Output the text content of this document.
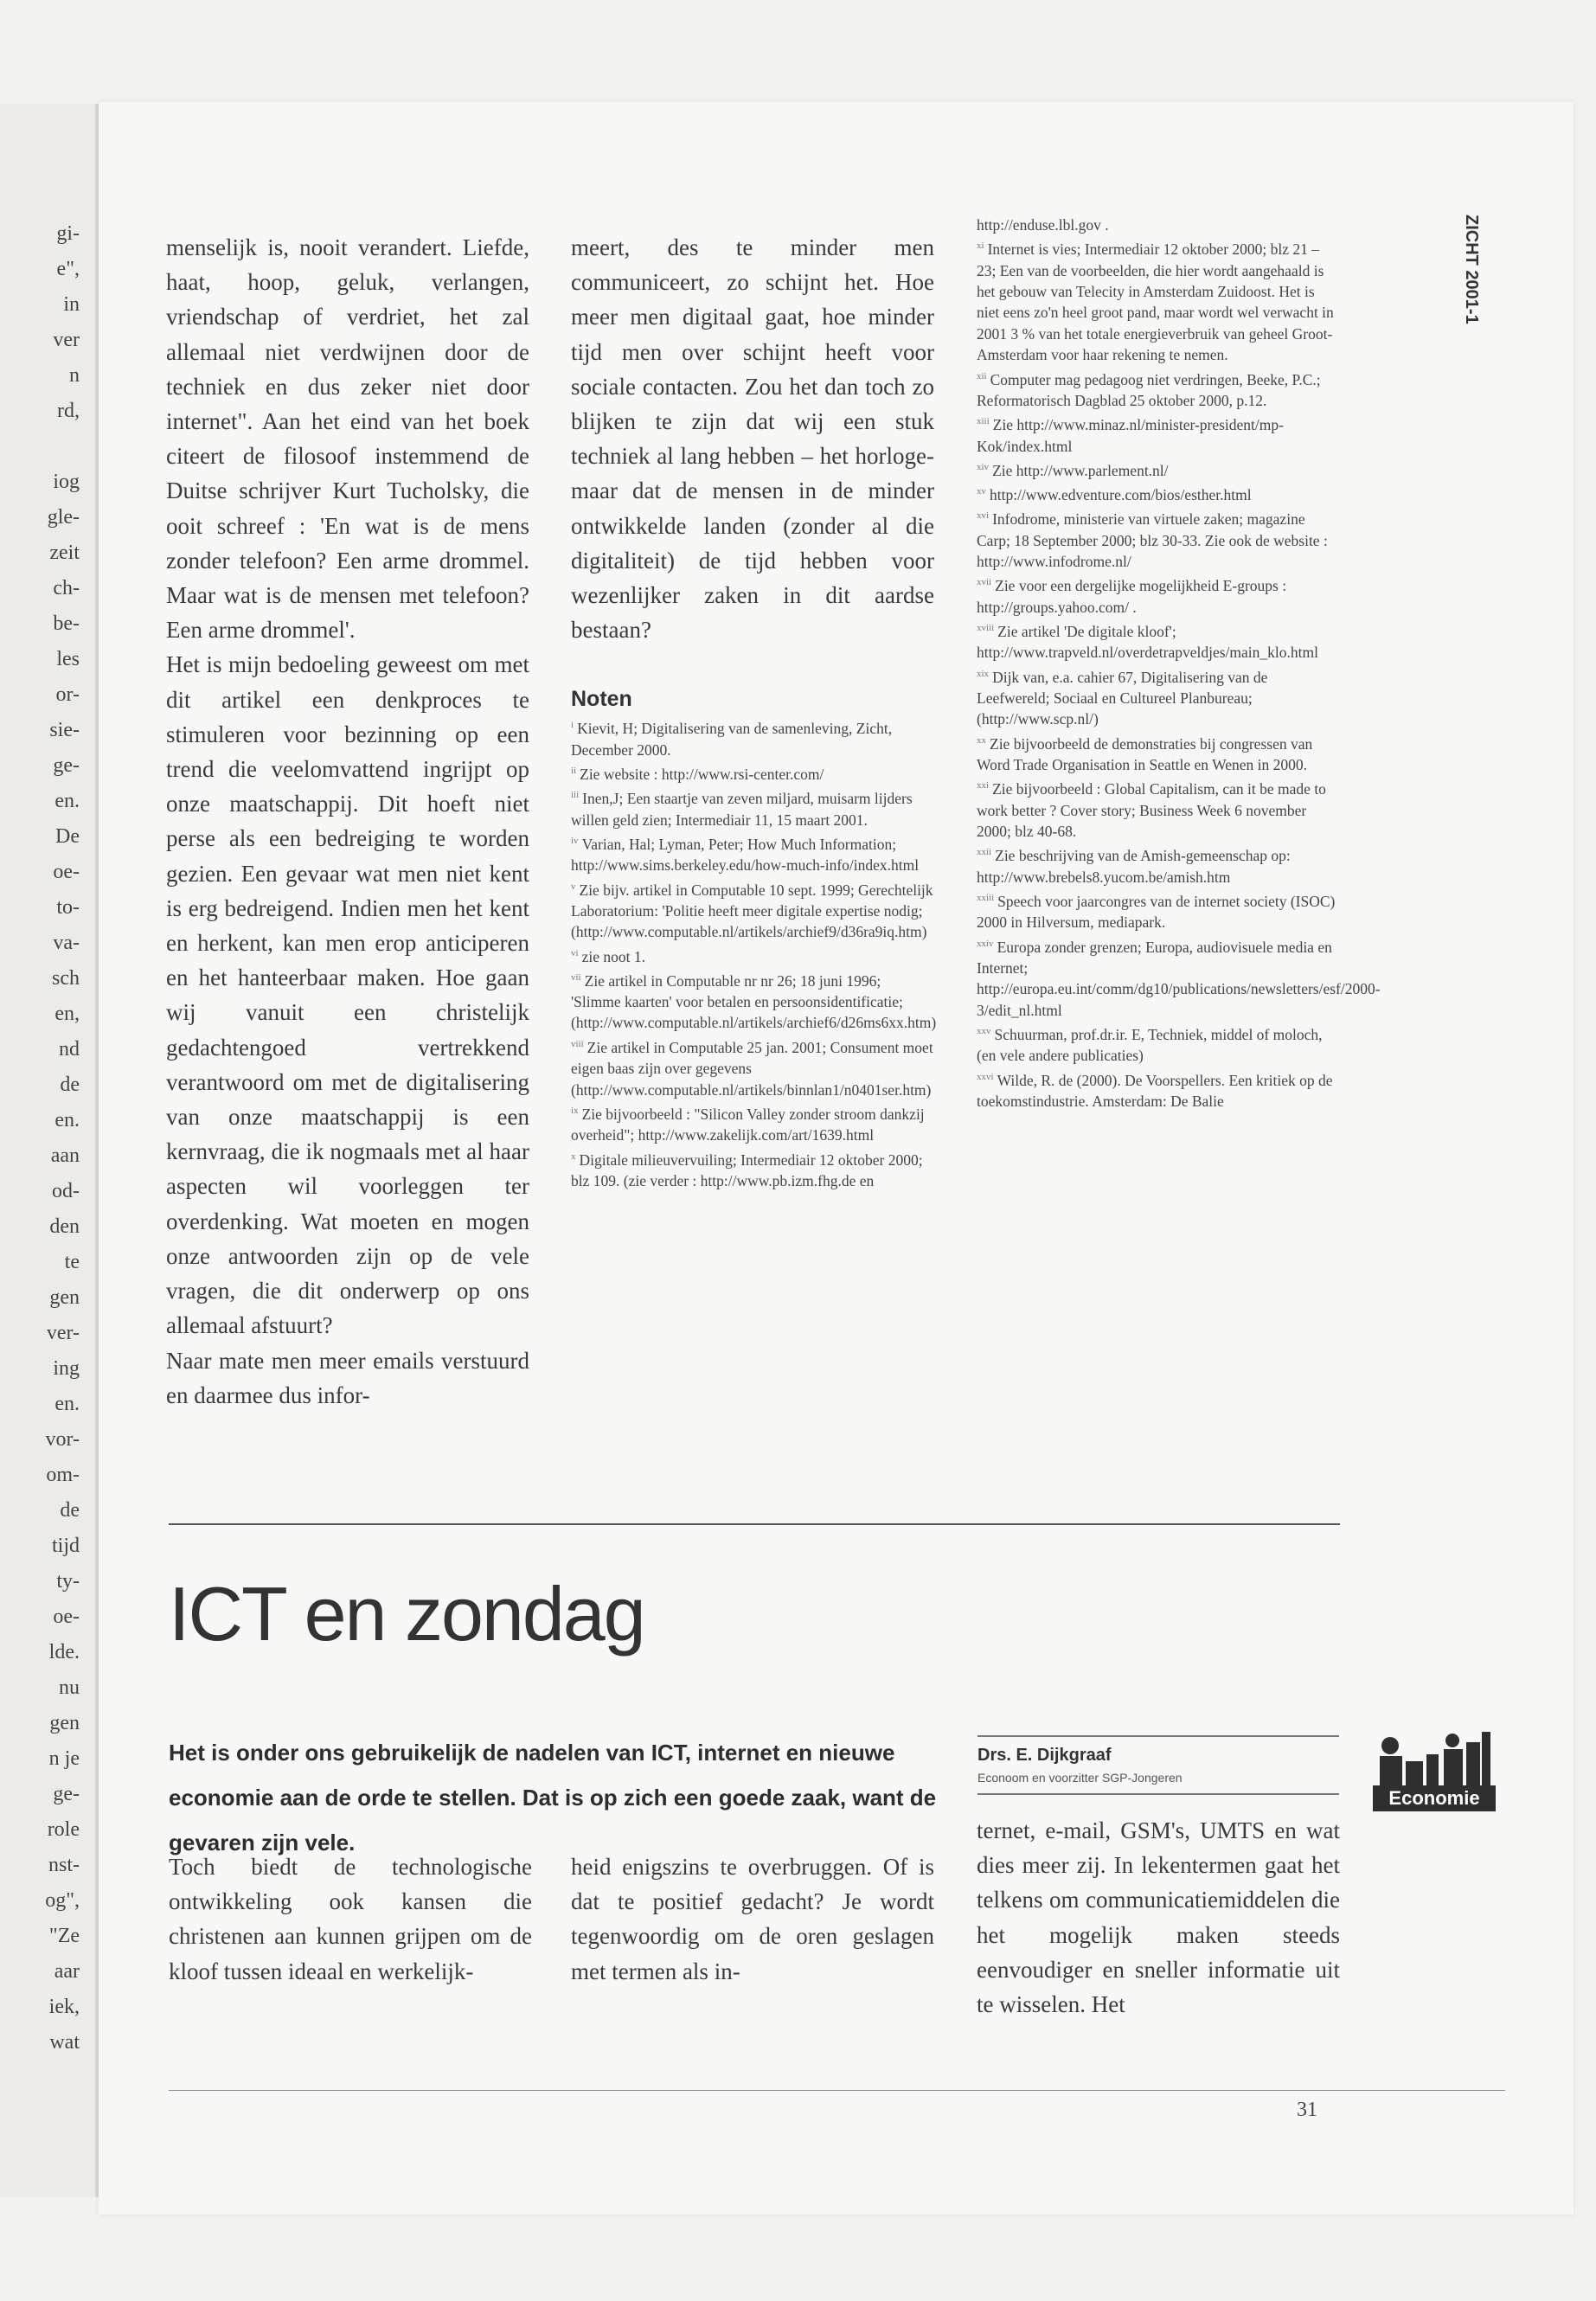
gi-
e",
in
ver
n
rd,
iog
gle-
zeit
ch-
be-
les
or-
sie-
ge-
en.
De
oe-
to-
va-
sch
en,
nd
de
en.
aan
od-
den
te
gen
ver-
ing
en.
vor-
om-
de
tijd
ty-
oe-
lde.
nu
gen
n je
ge-
role
nst-
og",
"Ze
aar
iek,
wat
ZICHT 2001-1

menselijk is, nooit verandert. Liefde, haat, hoop, geluk, verlangen, vriendschap of verdriet, het zal allemaal niet verdwijnen door de techniek en dus zeker niet door internet". Aan het eind van het boek citeert de filosoof instemmend de Duitse schrijver Kurt Tucholsky, die ooit schreef : 'En wat is de mens zonder telefoon? Een arme drommel. Maar wat is de mensen met telefoon? Een arme drommel'.

Het is mijn bedoeling geweest om met dit artikel een denkproces te stimuleren voor bezinning op een trend die veelomvattend ingrijpt op onze maatschappij. Dit hoeft niet perse als een bedreiging te worden gezien. Een gevaar wat men niet kent is erg bedreigend. Indien men het kent en herkent, kan men erop anticiperen en het hanteerbaar maken. Hoe gaan wij vanuit een christelijk gedachtengoed vertrekkend verantwoord om met de digitalisering van onze maatschappij is een kernvraag, die ik nogmaals met al haar aspecten wil voorleggen ter overdenking. Wat moeten en mogen onze antwoorden zijn op de vele vragen, die dit onderwerp op ons allemaal afstuurt?

Naar mate men meer emails verstuurd en daarmee dus infor-

meert, des te minder men communiceert, zo schijnt het. Hoe meer men digitaal gaat, hoe minder tijd men over schijnt heeft voor sociale contacten. Zou het dan toch zo blijken te zijn dat wij een stuk techniek al lang hebben – het horloge- maar dat de mensen in de minder ontwikkelde landen (zonder al die digitaliteit) de tijd hebben voor wezenlijker zaken in dit aardse bestaan?

Noten

$^i$ Kievit, H; Digitalisering van de samenleving, Zicht, December 2000.

$^{ii}$ Zie website : http://www.rsi-center.com/

$^{iii}$ Inen,J; Een staartje van zeven miljard, muisarm lijders willen geld zien; Intermediair 11, 15 maart 2001.

$^{iv}$ Varian, Hal; Lyman, Peter; How Much Information; http://www.sims.berkeley.edu/how-much-info/index.html

$^v$ Zie bijv. artikel in Computable 10 sept. 1999; Gerechtelijk Laboratorium: 'Politie heeft meer digitale expertise nodig; (http://www.computable.nl/artikels/archief9/d36ra9iq.htm)

$^{vi}$ zie noot 1.

$^{vii}$ Zie artikel in Computable nr nr 26; 18 juni 1996; 'Slimme kaarten' voor betalen en persoonsidentificatie; (http://www.computable.nl/artikels/archief6/d26ms6xx.htm)

$^{viii}$ Zie artikel in Computable 25 jan. 2001; Consument moet eigen baas zijn over gegevens (http://www.computable.nl/artikels/binnlan1/n0401ser.htm)

$^{ix}$ Zie bijvoorbeeld : "Silicon Valley zonder stroom dankzij overheid"; http://www.zakelijk.com/art/1639.html

$^x$ Digitale milieuvervuiling; Intermediair 12 oktober 2000; blz 109. (zie verder : http://www.pb.izm.fhg.de en

http://enduse.lbl.gov .

$^{xi}$ Internet is vies; Intermediair 12 oktober 2000; blz 21 – 23; Een van de voorbeelden, die hier wordt aangehaald is het gebouw van Telecity in Amsterdam Zuidoost. Het is niet eens zo'n heel groot pand, maar wordt wel verwacht in 2001 3 % van het totale energieverbruik van geheel Groot-Amsterdam voor haar rekening te nemen.

$^{xii}$ Computer mag pedagoog niet verdringen, Beeke, P.C.; Reformatorisch Dagblad 25 oktober 2000, p.12.

$^{xiii}$ Zie http://www.minaz.nl/minister-president/mp-Kok/index.html

$^{xiv}$ Zie http://www.parlement.nl/

$^{xv}$ http://www.edventure.com/bios/esther.html

$^{xvi}$ Infodrome, ministerie van virtuele zaken; magazine Carp; 18 September 2000; blz 30-33. Zie ook de website : http://www.infodrome.nl/

$^{xvii}$ Zie voor een dergelijke mogelijkheid E-groups : http://groups.yahoo.com/ .

$^{xviii}$ Zie artikel 'De digitale kloof'; http://www.trapveld.nl/overdetrapveldjes/main_klo.html

$^{xix}$ Dijk van, e.a. cahier 67, Digitalisering van de Leefwereld; Sociaal en Cultureel Planbureau; (http://www.scp.nl/)

$^{xx}$ Zie bijvoorbeeld de demonstraties bij congressen van Word Trade Organisation in Seattle en Wenen in 2000.

$^{xxi}$ Zie bijvoorbeeld : Global Capitalism, can it be made to work better ? Cover story; Business Week 6 november 2000; blz 40-68.

$^{xxii}$ Zie beschrijving van de Amish-gemeenschap op: http://www.brebels8.yucom.be/amish.htm

$^{xxiii}$ Speech voor jaarcongres van de internet society (ISOC) 2000 in Hilversum, mediapark.

$^{xxiv}$ Europa zonder grenzen; Europa, audiovisuele media en Internet; http://europa.eu.int/comm/dg10/publications/newsletters/esf/2000-3/edit_nl.html

$^{xxv}$ Schuurman, prof.dr.ir. E, Techniek, middel of moloch, (en vele andere publicaties)

$^{xxvi}$ Wilde, R. de (2000). De Voorspellers. Een kritiek op de toekomstindustrie. Amsterdam: De Balie

ICT en zondag
Het is onder ons gebruikelijk de nadelen van ICT, internet en nieuwe economie aan de orde te stellen. Dat is op zich een goede zaak, want de gevaren zijn vele.
Drs. E. Dijkgraaf
Econoom en voorzitter SGP-Jongeren
Economie

Toch biedt de technologische ontwikkeling ook kansen die christenen aan kunnen grijpen om de kloof tussen ideaal en werkelijk-

heid enigszins te overbruggen. Of is dat te positief gedacht? Je wordt tegenwoordig om de oren geslagen met termen als in-

ternet, e-mail, GSM's, UMTS en wat dies meer zij. In lekentermen gaat het telkens om communicatiemiddelen die het mogelijk maken steeds eenvoudiger en sneller informatie uit te wisselen. Het

31
